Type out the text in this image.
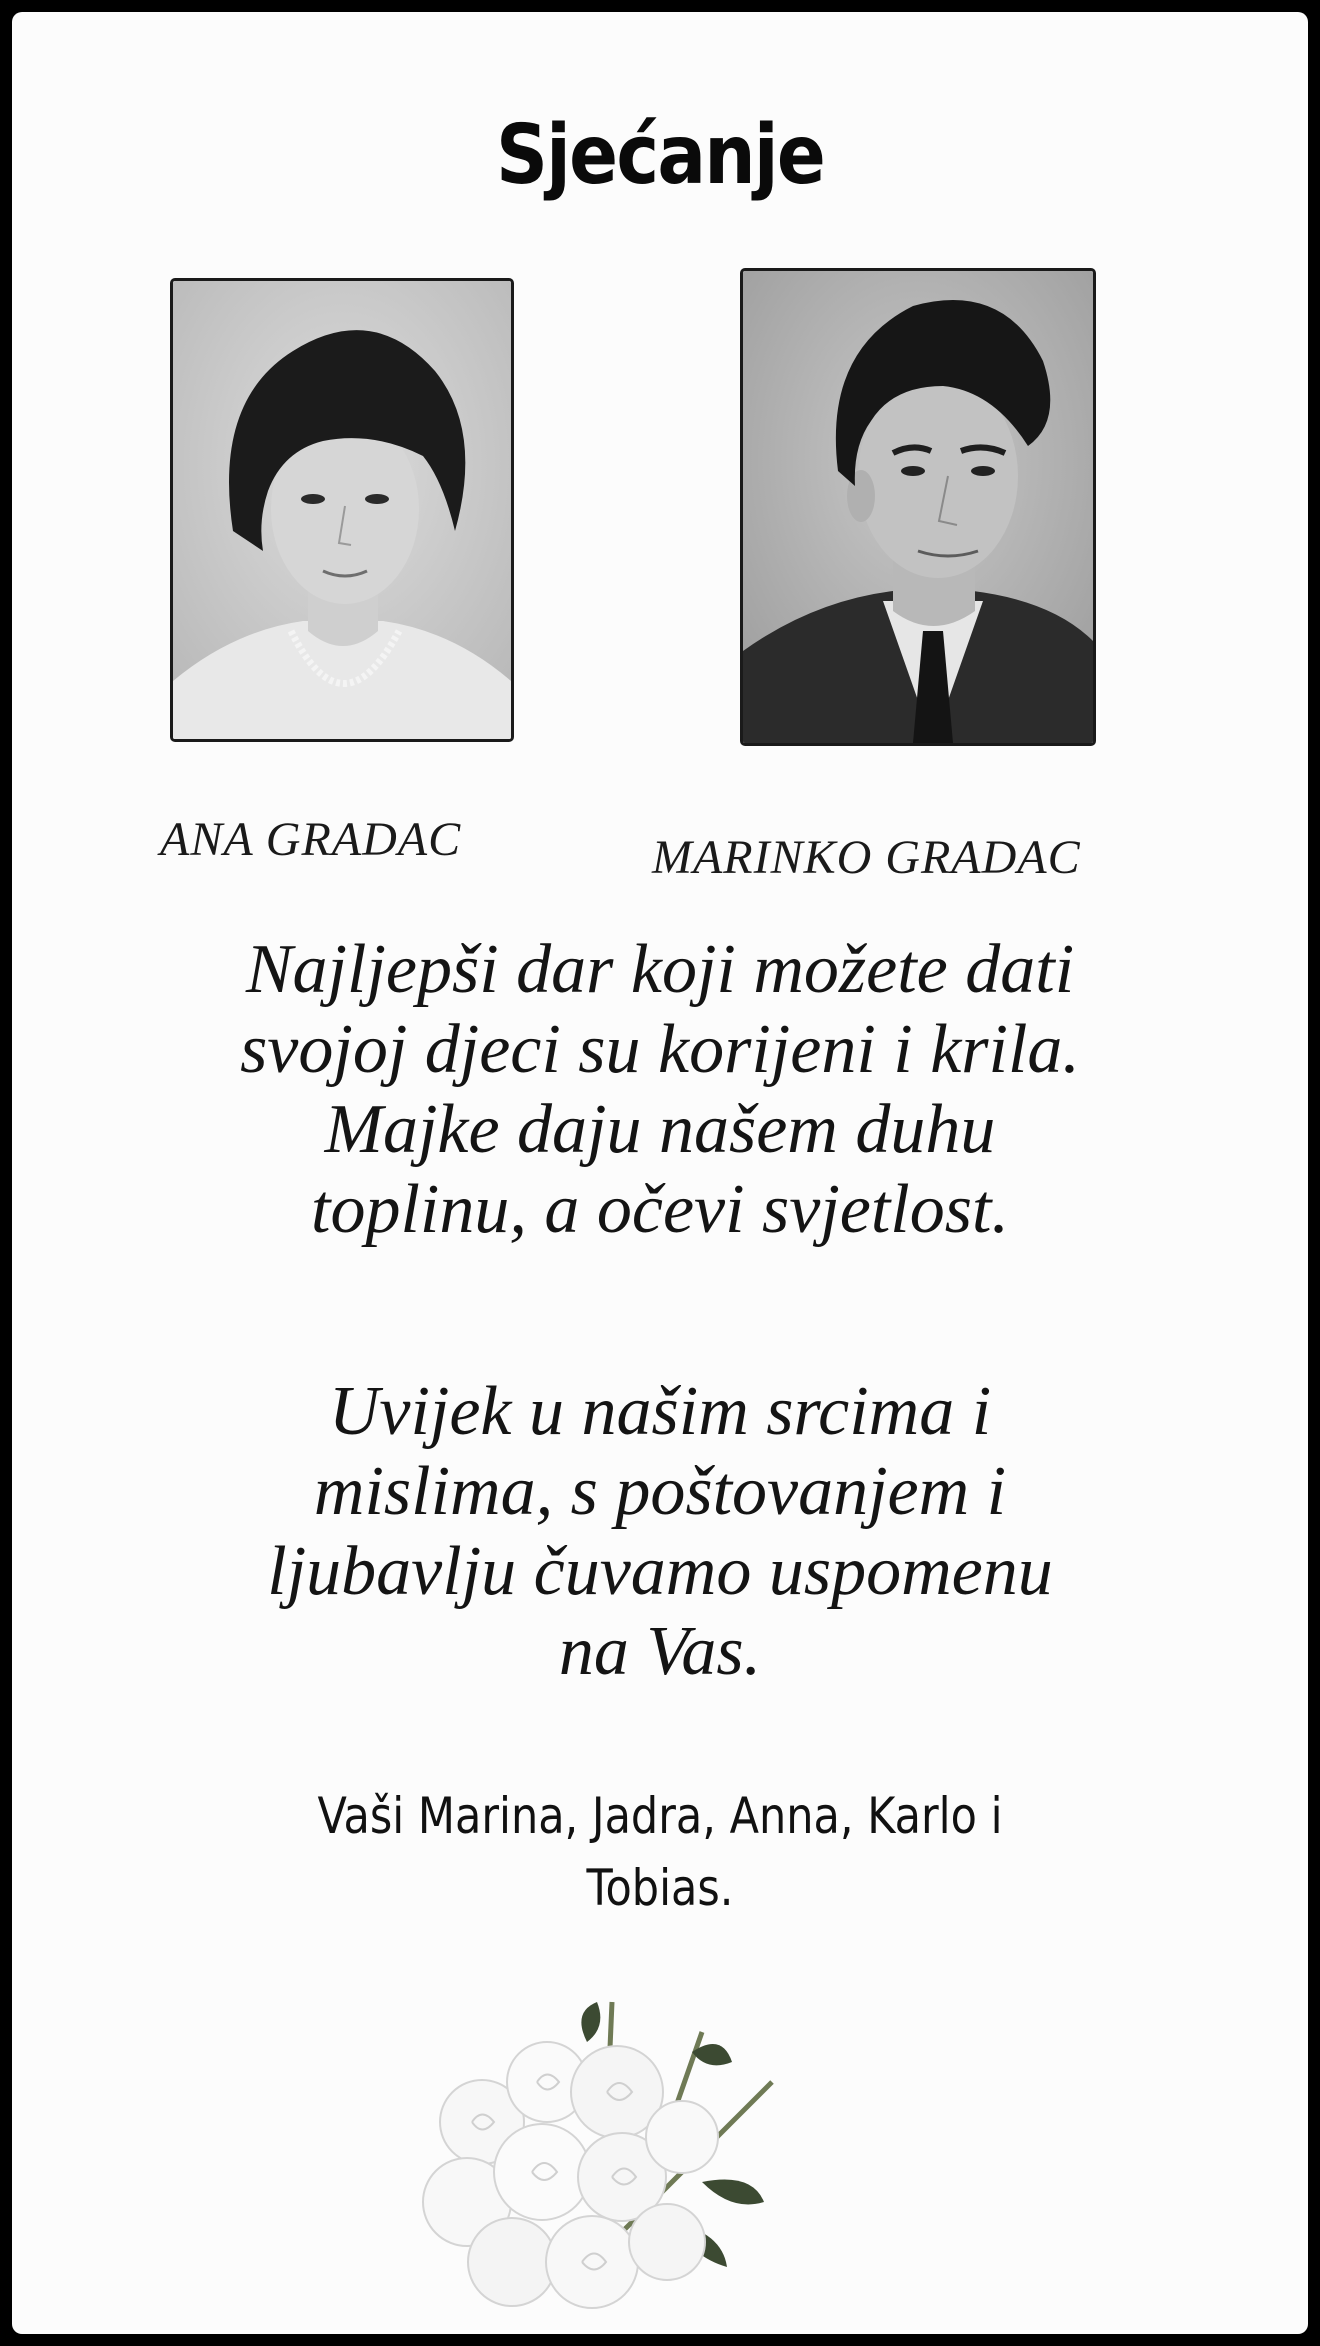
Sjećanje
ANA GRADAC	MARINKO GRADAC
Najljepši dar koji možete dati
svojoj djeci su korijeni i krila.
Majke daju našem duhu
toplinu, a očevi svjetlost.
Uvijek u našim srcima i
mislima, s poštovanjem i
ljubavlju čuvamo uspomenu
na Vas.
Vaši Marina, Jadra, Anna, Karlo i
Tobias.
